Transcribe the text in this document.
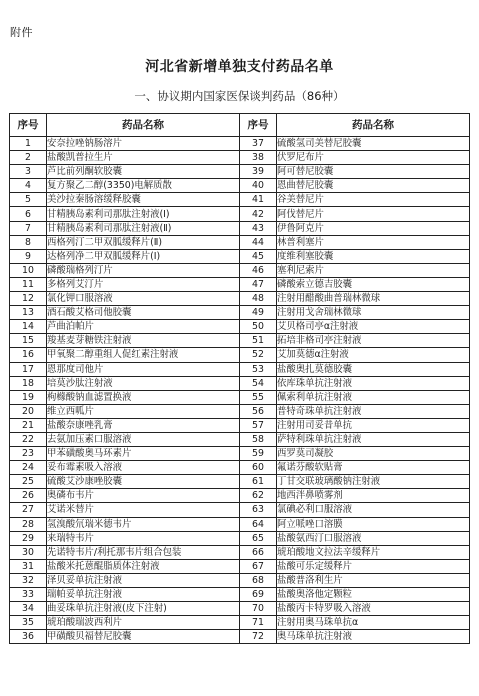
附件
河北省新增单独支付药品名单
一、协议期内国家医保谈判药品（86种）
序号	药品名称	序号	药品名称
1	安奈拉唑钠肠溶片	37	硫酸氢司美替尼胶囊
2	盐酸凯普拉生片	38	伏罗尼布片
3	芦比前列酮软胶囊	39	阿可替尼胶囊
4	复方聚乙二醇(3350)电解质散	40	恩曲替尼胶囊
5	美沙拉秦肠溶缓释胶囊	41	谷美替尼片
6	甘精胰岛素利司那肽注射液(Ⅰ)	42	阿伐替尼片
7	甘精胰岛素利司那肽注射液(Ⅱ)	43	伊鲁阿克片
8	西格列汀二甲双胍缓释片(Ⅱ)	44	林普利塞片
9	达格列净二甲双胍缓释片(Ⅰ)	45	度维利塞胶囊
10	磷酸瑞格列汀片	46	塞利尼索片
11	多格列艾汀片	47	磷酸索立德吉胶囊
12	氯化钾口服溶液	48	注射用醋酸曲普瑞林微球
13	酒石酸艾格司他胶囊	49	注射用戈舍瑞林微球
14	芦曲泊帕片	50	艾贝格司亭α注射液
15	羧基麦芽糖铁注射液	51	拓培非格司亭注射液
16	甲氧聚二醇重组人促红素注射液	52	艾加莫德α注射液
17	恩那度司他片	53	盐酸奥扎莫德胶囊
18	培莫沙肽注射液	54	依库珠单抗注射液
19	枸橼酸钠血滤置换液	55	佩索利单抗注射液
20	维立西呱片	56	普特奇珠单抗注射液
21	盐酸奈康唑乳膏	57	注射用司妥昔单抗
22	去氨加压素口服溶液	58	萨特利珠单抗注射液
23	甲苯磺酸奥马环素片	59	西罗莫司凝胶
24	妥布霉素吸入溶液	60	氟诺芬酸软贴膏
25	硫酸艾沙康唑胶囊	61	丁甘交联玻璃酸钠注射液
26	奥磷布韦片	62	地西泮鼻喷雾剂
27	艾诺米替片	63	氯碘必利口服溶液
28	氢溴酸氘瑞米德韦片	64	阿立哌唑口溶膜
29	来瑞特韦片	65	盐酸氨西汀口服溶液
30	先诺特韦片/利托那韦片组合包装	66	琥珀酸地文拉法辛缓释片
31	盐酸米托蒽醌脂质体注射液	67	盐酸可乐定缓释片
32	泽贝妥单抗注射液	68	盐酸普洛利生片
33	瑞帕妥单抗注射液	69	盐酸奥洛他定颗粒
34	曲妥珠单抗注射液(皮下注射)	70	盐酸丙卡特罗吸入溶液
35	琥珀酸瑞波西利片	71	注射用奥马珠单抗α
36	甲磺酸贝福替尼胶囊	72	奥马珠单抗注射液
